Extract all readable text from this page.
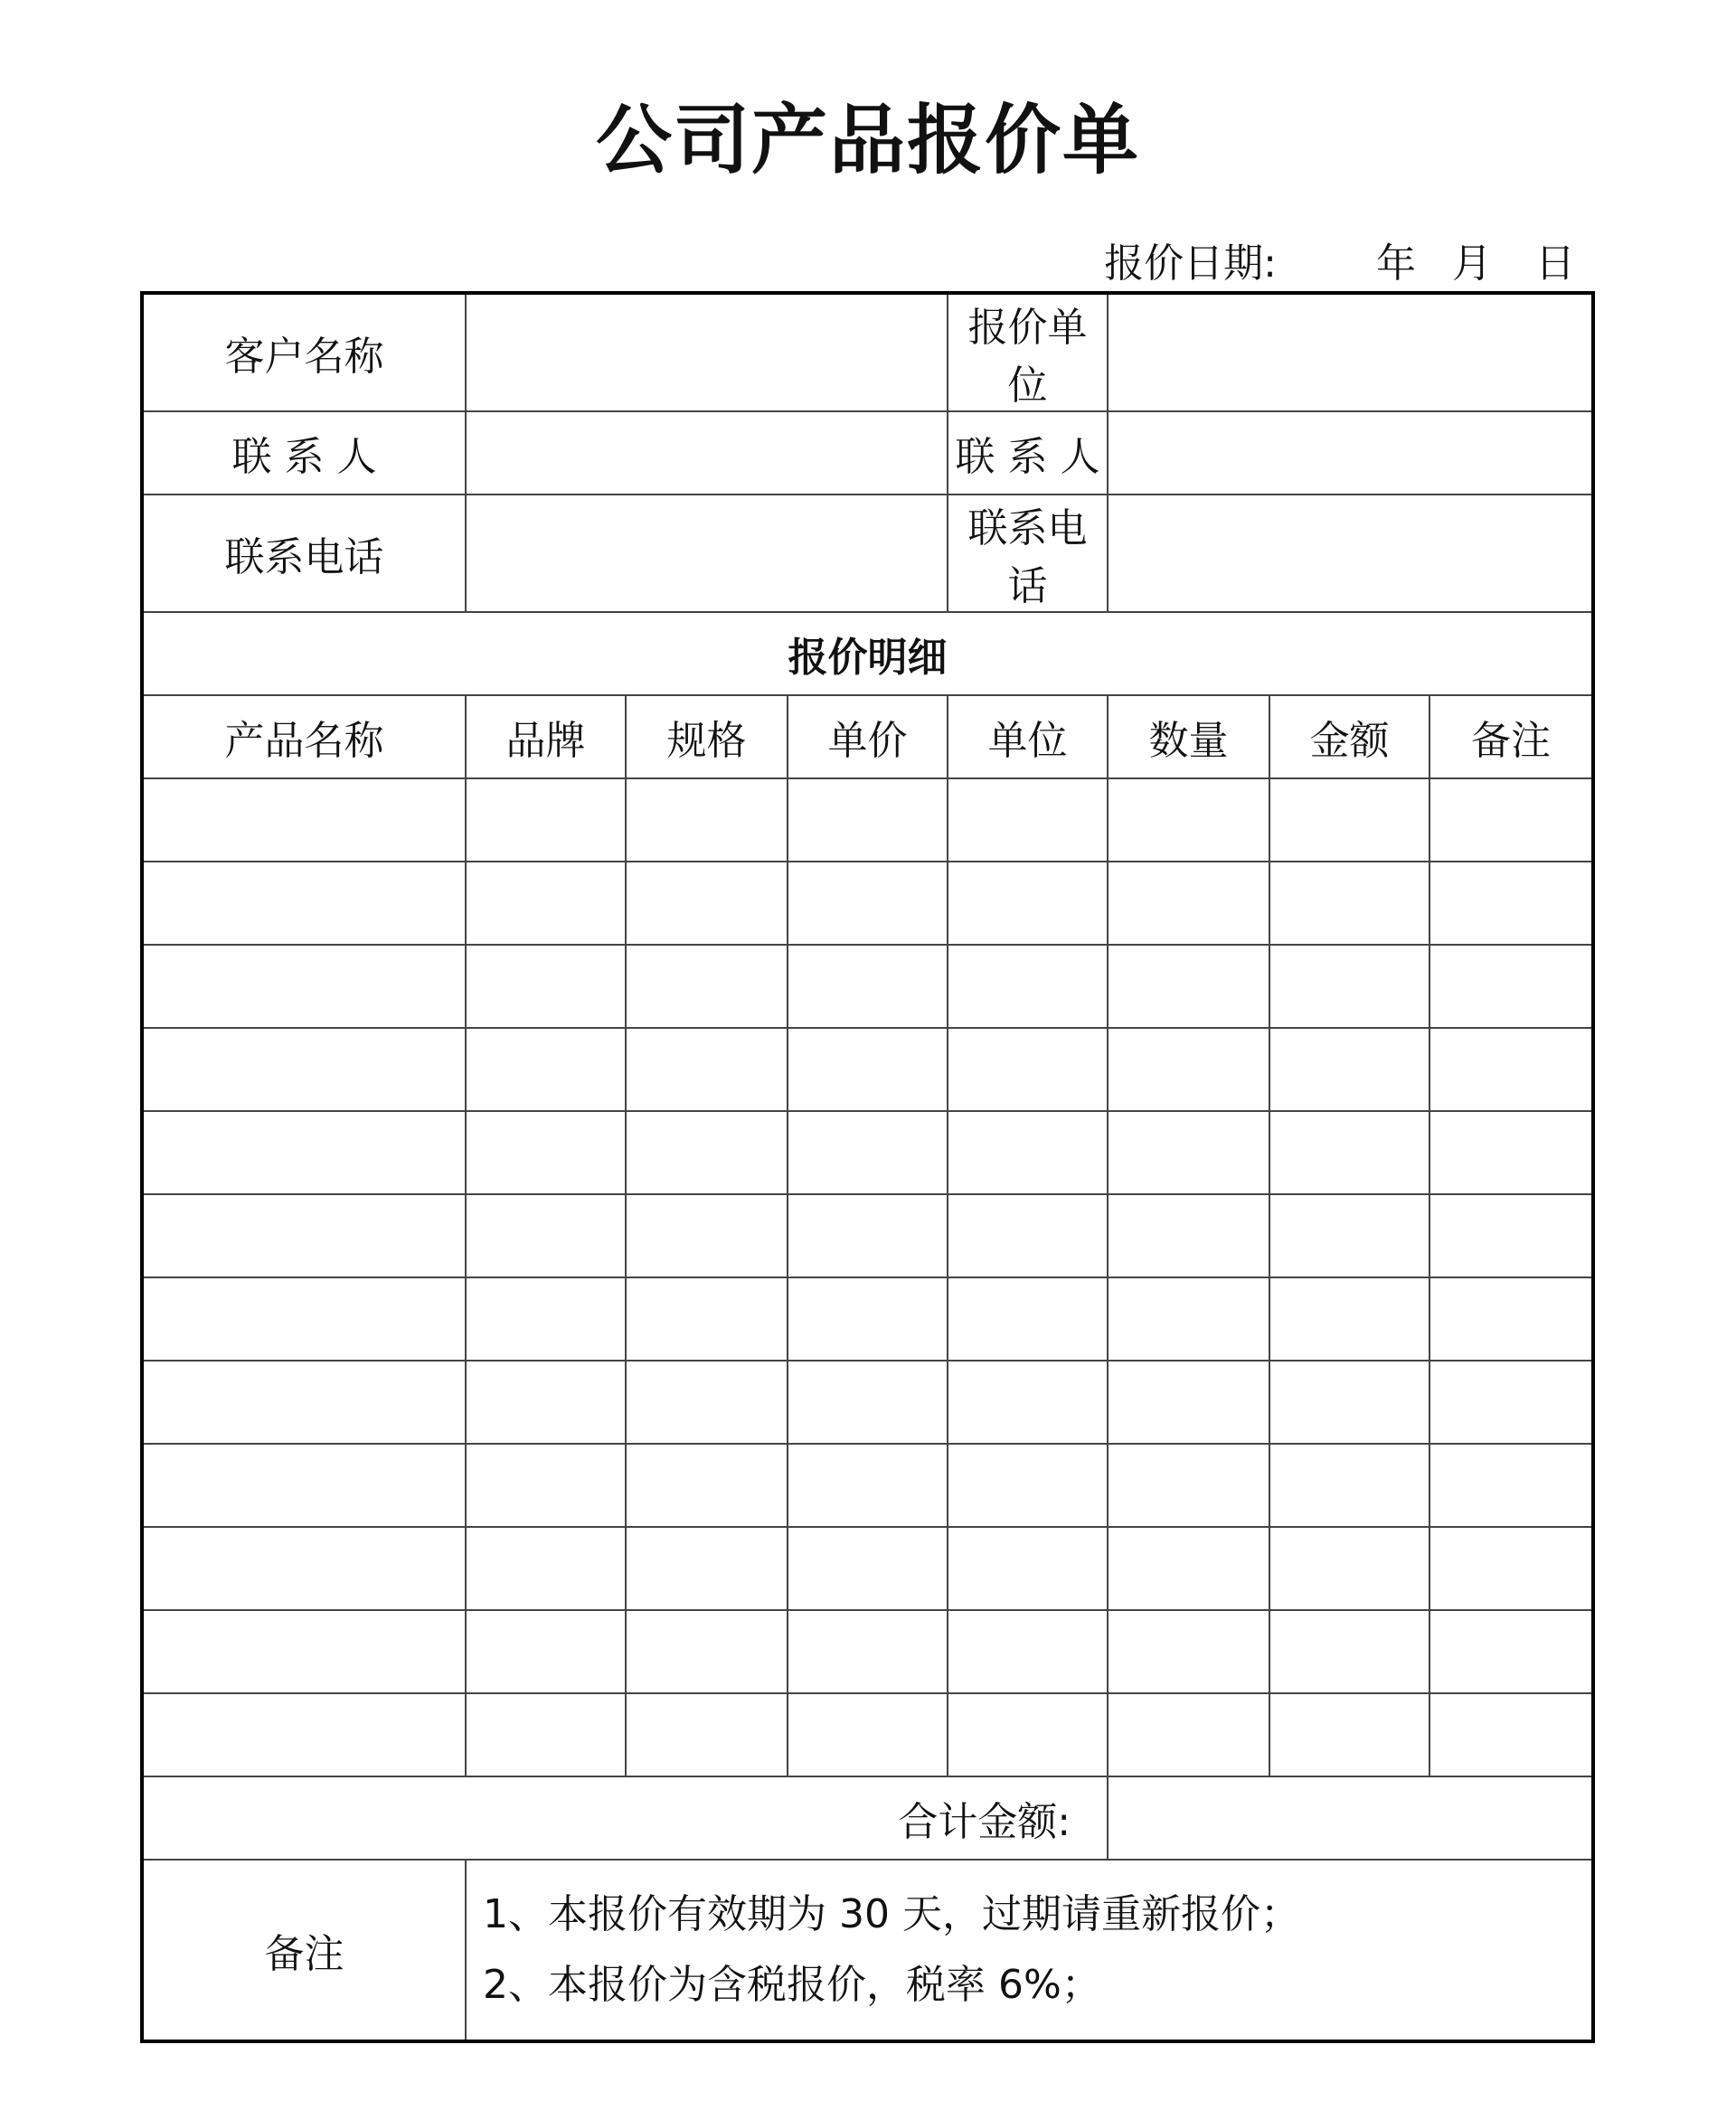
公司产品报价单
报价日期:	年 月 日
客户名称				报价单位			
联 系 人				联 系 人			
联系电话				联系电话			
报价明细							
产品名称	品牌	规格	单价	单位	数量	金额	备注

合计金额:							
备注	1、本报价有效期为 30 天，过期请重新报价；
2、本报价为含税报价，税率 6%；						
